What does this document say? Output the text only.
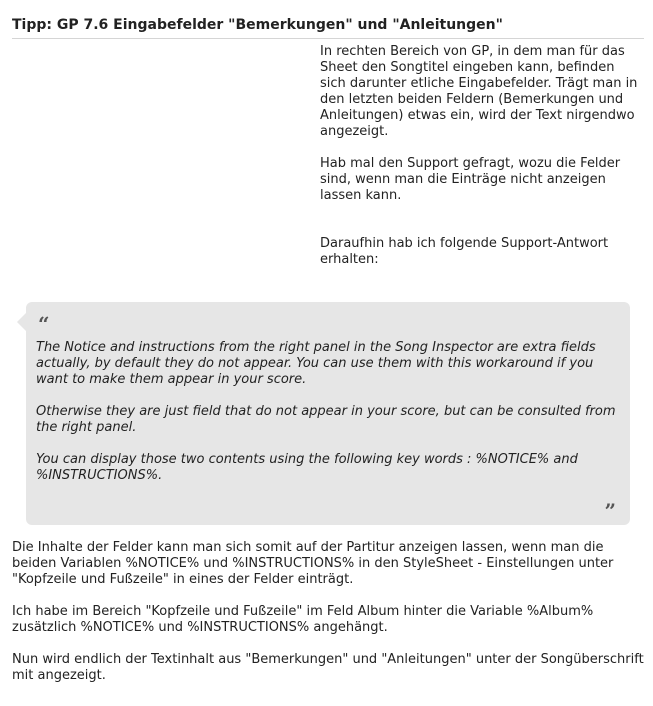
Tipp: GP 7.6 Eingabefelder "Bemerkungen" und "Anleitungen"

In rechten Bereich von GP, in dem man für das Sheet den Songtitel eingeben kann, befinden sich darunter etliche Eingabefelder. Trägt man in den letzten beiden Feldern (Bemerkungen und Anleitungen) etwas ein, wird der Text nirgendwo angezeigt.

Hab mal den Support gefragt, wozu die Felder sind, wenn man die Einträge nicht anzeigen lassen kann.

Daraufhin hab ich folgende Support-Antwort erhalten:

“

The Notice and instructions from the right panel in the Song Inspector are extra fields actually, by default they do not appear. You can use them with this workaround if you want to make them appear in your score.

Otherwise they are just field that do not appear in your score, but can be consulted from the right panel.

You can display those two contents using the following key words : %NOTICE% and %INSTRUCTIONS%.

”

Die Inhalte der Felder kann man sich somit auf der Partitur anzeigen lassen, wenn man die beiden Variablen %NOTICE% und %INSTRUCTIONS% in den StyleSheet - Einstellungen unter "Kopfzeile und Fußzeile" in eines der Felder einträgt.

Ich habe im Bereich "Kopfzeile und Fußzeile" im Feld Album hinter die Variable %Album% zusätzlich %NOTICE% und %INSTRUCTIONS% angehängt.

Nun wird endlich der Textinhalt aus "Bemerkungen" und "Anleitungen" unter der Songüberschrift mit angezeigt.
